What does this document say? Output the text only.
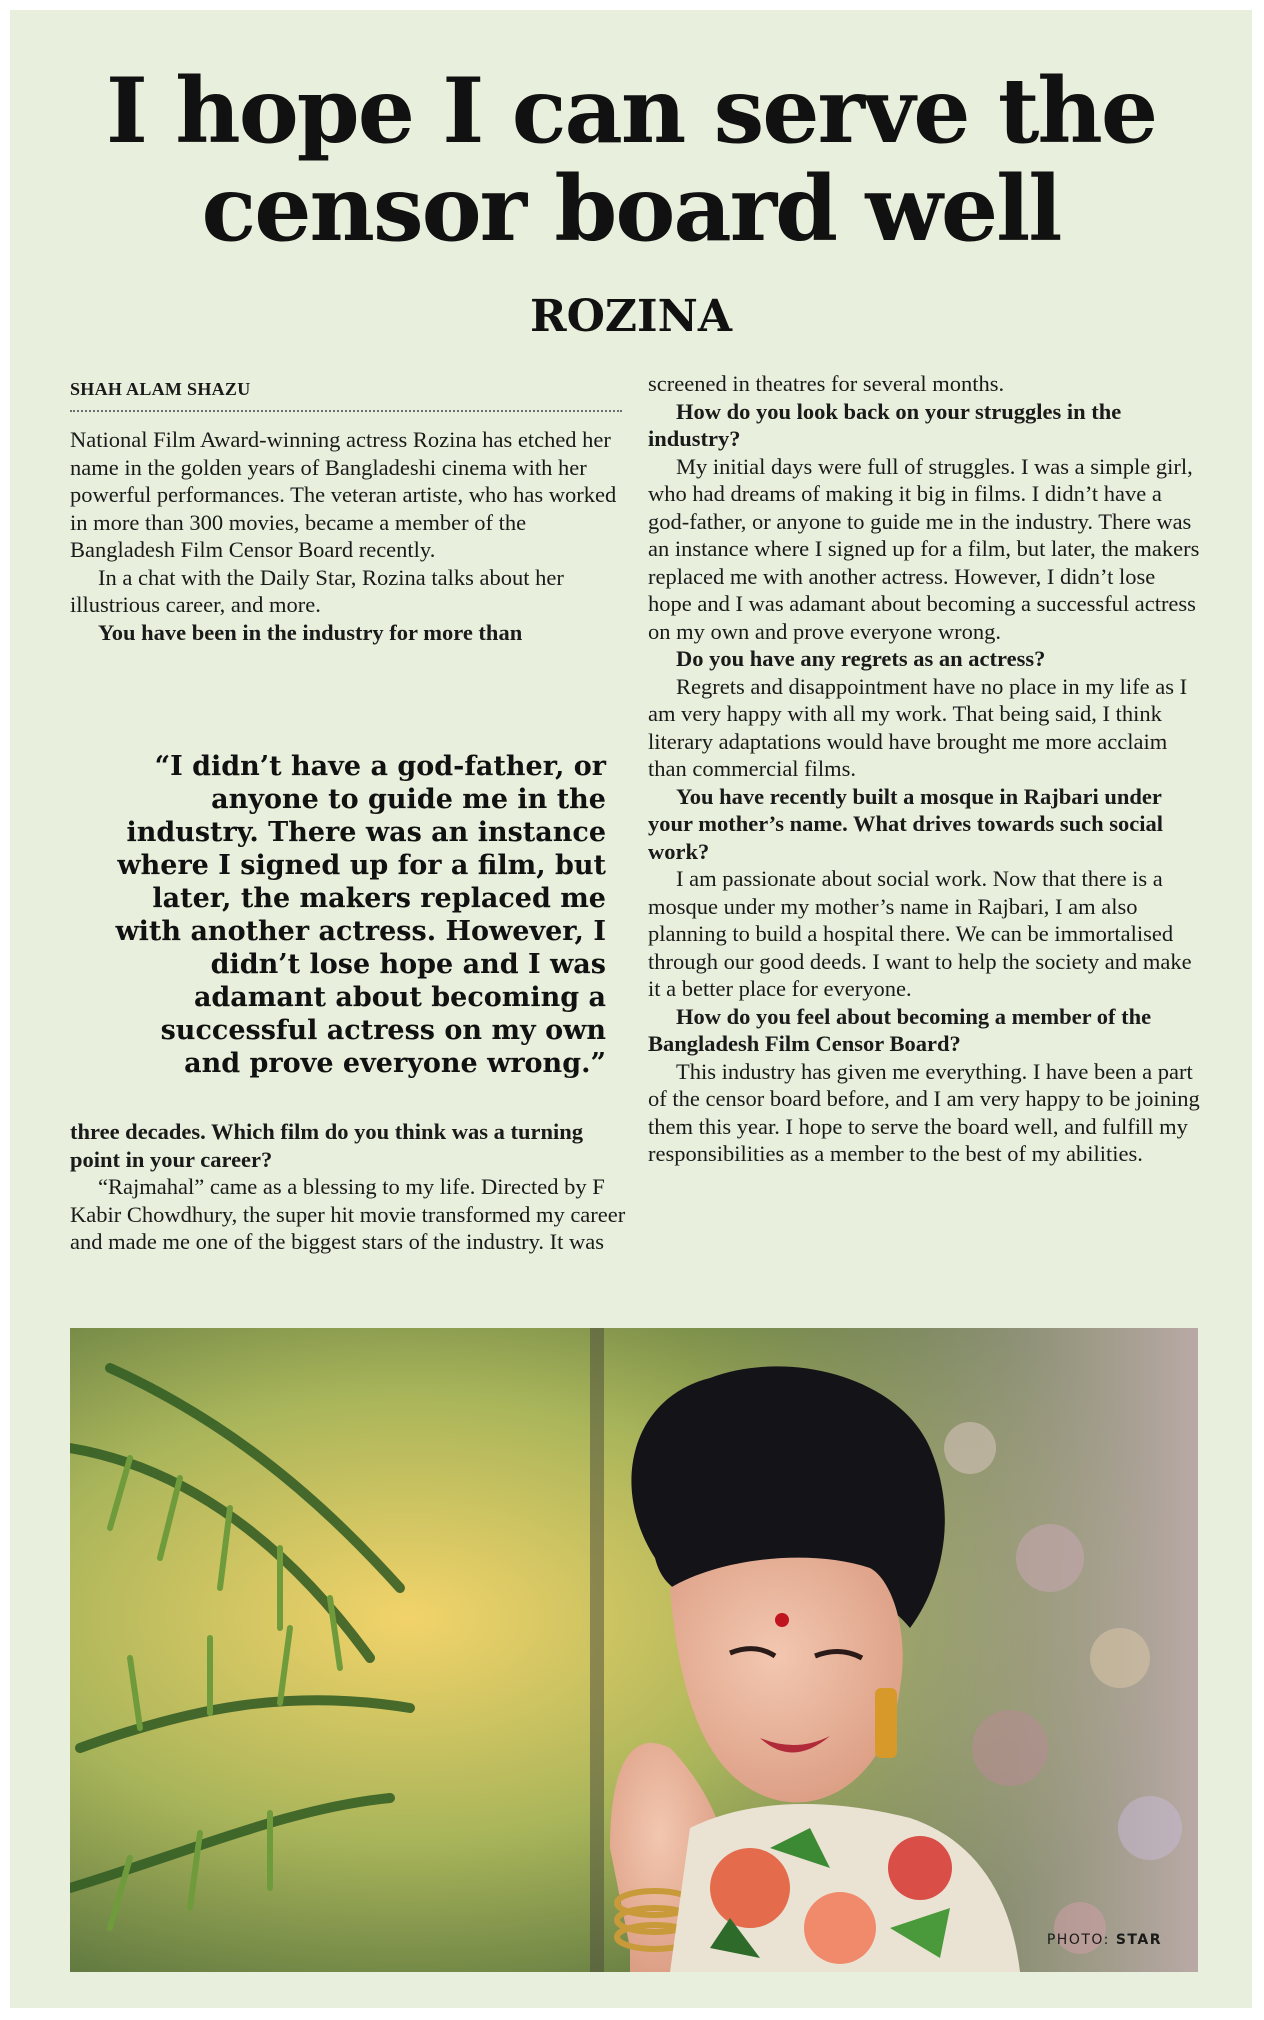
I hope I can serve the censor board well
ROZINA
SHAH ALAM SHAZU

National Film Award-winning actress Rozina has etched her name in the golden years of Bangladeshi cinema with her powerful performances. The veteran artiste, who has worked in more than 300 movies, became a member of the Bangladesh Film Censor Board recently.

In a chat with the Daily Star, Rozina talks about her illustrious career, and more.

You have been in the industry for more than

“I didn’t have a god-father, or anyone to guide me in the industry. There was an instance where I signed up for a film, but later, the makers replaced me with another actress. However, I didn’t lose hope and I was adamant about becoming a successful actress on my own and prove everyone wrong.”

three decades. Which film do you think was a turning point in your career?

“Rajmahal” came as a blessing to my life. Directed by F Kabir Chowdhury, the super hit movie transformed my career and made me one of the biggest stars of the industry. It was

screened in theatres for several months.

How do you look back on your struggles in the industry?

My initial days were full of struggles. I was a simple girl, who had dreams of making it big in films. I didn’t have a god-father, or anyone to guide me in the industry. There was an instance where I signed up for a film, but later, the makers replaced me with another actress. However, I didn’t lose hope and I was adamant about becoming a successful actress on my own and prove everyone wrong.

Do you have any regrets as an actress?

Regrets and disappointment have no place in my life as I am very happy with all my work. That being said, I think literary adaptations would have brought me more acclaim than commercial films.

You have recently built a mosque in Rajbari under your mother’s name. What drives towards such social work?

I am passionate about social work. Now that there is a mosque under my mother’s name in Rajbari, I am also planning to build a hospital there. We can be immortalised through our good deeds. I want to help the society and make it a better place for everyone.

How do you feel about becoming a member of the Bangladesh Film Censor Board?

This industry has given me everything. I have been a part of the censor board before, and I am very happy to be joining them this year. I hope to serve the board well, and fulfill my responsibilities as a member to the best of my abilities.

PHOTO: STAR
